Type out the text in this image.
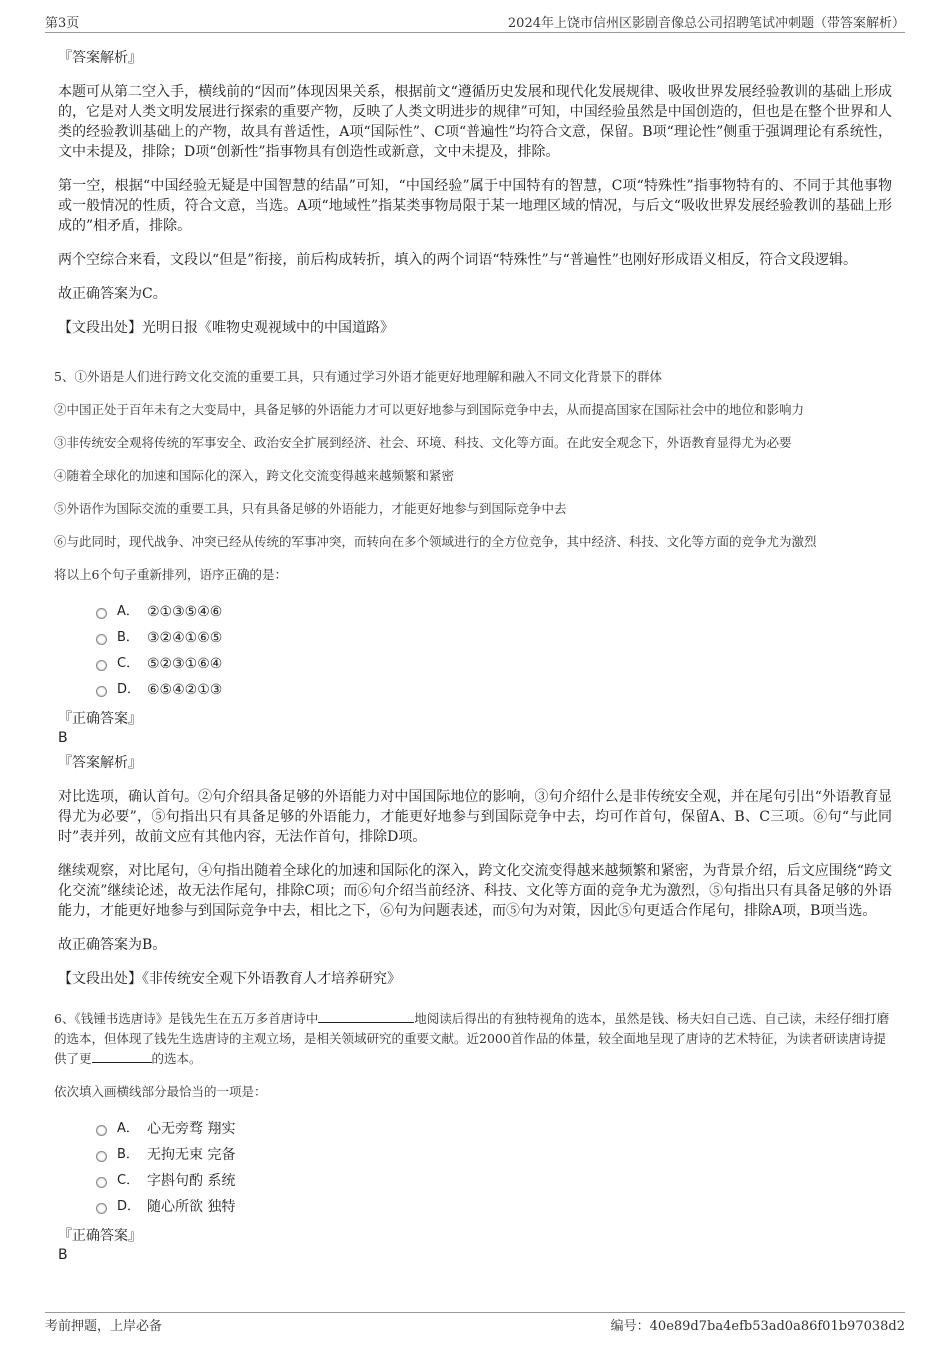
第3页	2024年上饶市信州区影剧音像总公司招聘笔试冲刺题（带答案解析）
『答案解析』

本题可从第二空入手，横线前的“因而”体现因果关系，根据前文“遵循历史发展和现代化发展规律、吸收世界发展经验教训的基础上形成的，它是对人类文明发展进行探索的重要产物，反映了人类文明进步的规律”可知，中国经验虽然是中国创造的，但也是在整个世界和人类的经验教训基础上的产物，故具有普适性，A项“国际性”、C项“普遍性”均符合文意，保留。B项“理论性”侧重于强调理论有系统性，文中未提及，排除；D项“创新性”指事物具有创造性或新意，文中未提及，排除。

第一空，根据“中国经验无疑是中国智慧的结晶”可知，“中国经验”属于中国特有的智慧，C项“特殊性”指事物特有的、不同于其他事物或一般情况的性质，符合文意，当选。A项“地域性”指某类事物局限于某一地理区域的情况，与后文“吸收世界发展经验教训的基础上形成的”相矛盾，排除。

两个空综合来看，文段以“但是”衔接，前后构成转折，填入的两个词语“特殊性”与“普遍性”也刚好形成语义相反，符合文段逻辑。

故正确答案为C。

【文段出处】光明日报《唯物史观视域中的中国道路》

5、①外语是人们进行跨文化交流的重要工具，只有通过学习外语才能更好地理解和融入不同文化背景下的群体

②中国正处于百年未有之大变局中，具备足够的外语能力才可以更好地参与到国际竞争中去，从而提高国家在国际社会中的地位和影响力

③非传统安全观将传统的军事安全、政治安全扩展到经济、社会、环境、科技、文化等方面。在此安全观念下，外语教育显得尤为必要

④随着全球化的加速和国际化的深入，跨文化交流变得越来越频繁和紧密

⑤外语作为国际交流的重要工具，只有具备足够的外语能力，才能更好地参与到国际竞争中去

⑥与此同时，现代战争、冲突已经从传统的军事冲突，而转向在多个领域进行的全方位竞争，其中经济、科技、文化等方面的竞争尤为激烈

将以上6个句子重新排列，语序正确的是：

A． ②①③⑤④⑥
B． ③②④①⑥⑤
C． ⑤②③①⑥④
D． ⑥⑤④②①③
『正确答案』
B
『答案解析』

对比选项，确认首句。②句介绍具备足够的外语能力对中国国际地位的影响，③句介绍什么是非传统安全观，并在尾句引出“外语教育显得尤为必要”，⑤句指出只有具备足够的外语能力，才能更好地参与到国际竞争中去，均可作首句，保留A、B、C三项。⑥句“与此同时”表并列，故前文应有其他内容，无法作首句，排除D项。

继续观察，对比尾句，④句指出随着全球化的加速和国际化的深入，跨文化交流变得越来越频繁和紧密，为背景介绍，后文应围绕“跨文化交流”继续论述，故无法作尾句，排除C项；而⑥句介绍当前经济、科技、文化等方面的竞争尤为激烈，⑤句指出只有具备足够的外语能力，才能更好地参与到国际竞争中去，相比之下，⑥句为问题表述，而⑤句为对策，因此⑤句更适合作尾句，排除A项，B项当选。

故正确答案为B。

【文段出处】《非传统安全观下外语教育人才培养研究》

6、《钱锺书选唐诗》是钱先生在五万多首唐诗中	地阅读后得出的有独特视角的选本，虽然是钱、杨夫妇自己选、自己读，未经仔细打磨的选本，但体现了钱先生选唐诗的主观立场，是相关领域研究的重要文献。近2000首作品的体量，较全面地呈现了唐诗的艺术特征，为读者研读唐诗提供了更	的选本。

依次填入画横线部分最恰当的一项是：

A． 心无旁骛 翔实
B． 无拘无束 完备
C． 字斟句酌 系统
D． 随心所欲 独特
『正确答案』
B
考前押题，上岸必备	编号：40e89d7ba4efb53ad0a86f01b97038d2
